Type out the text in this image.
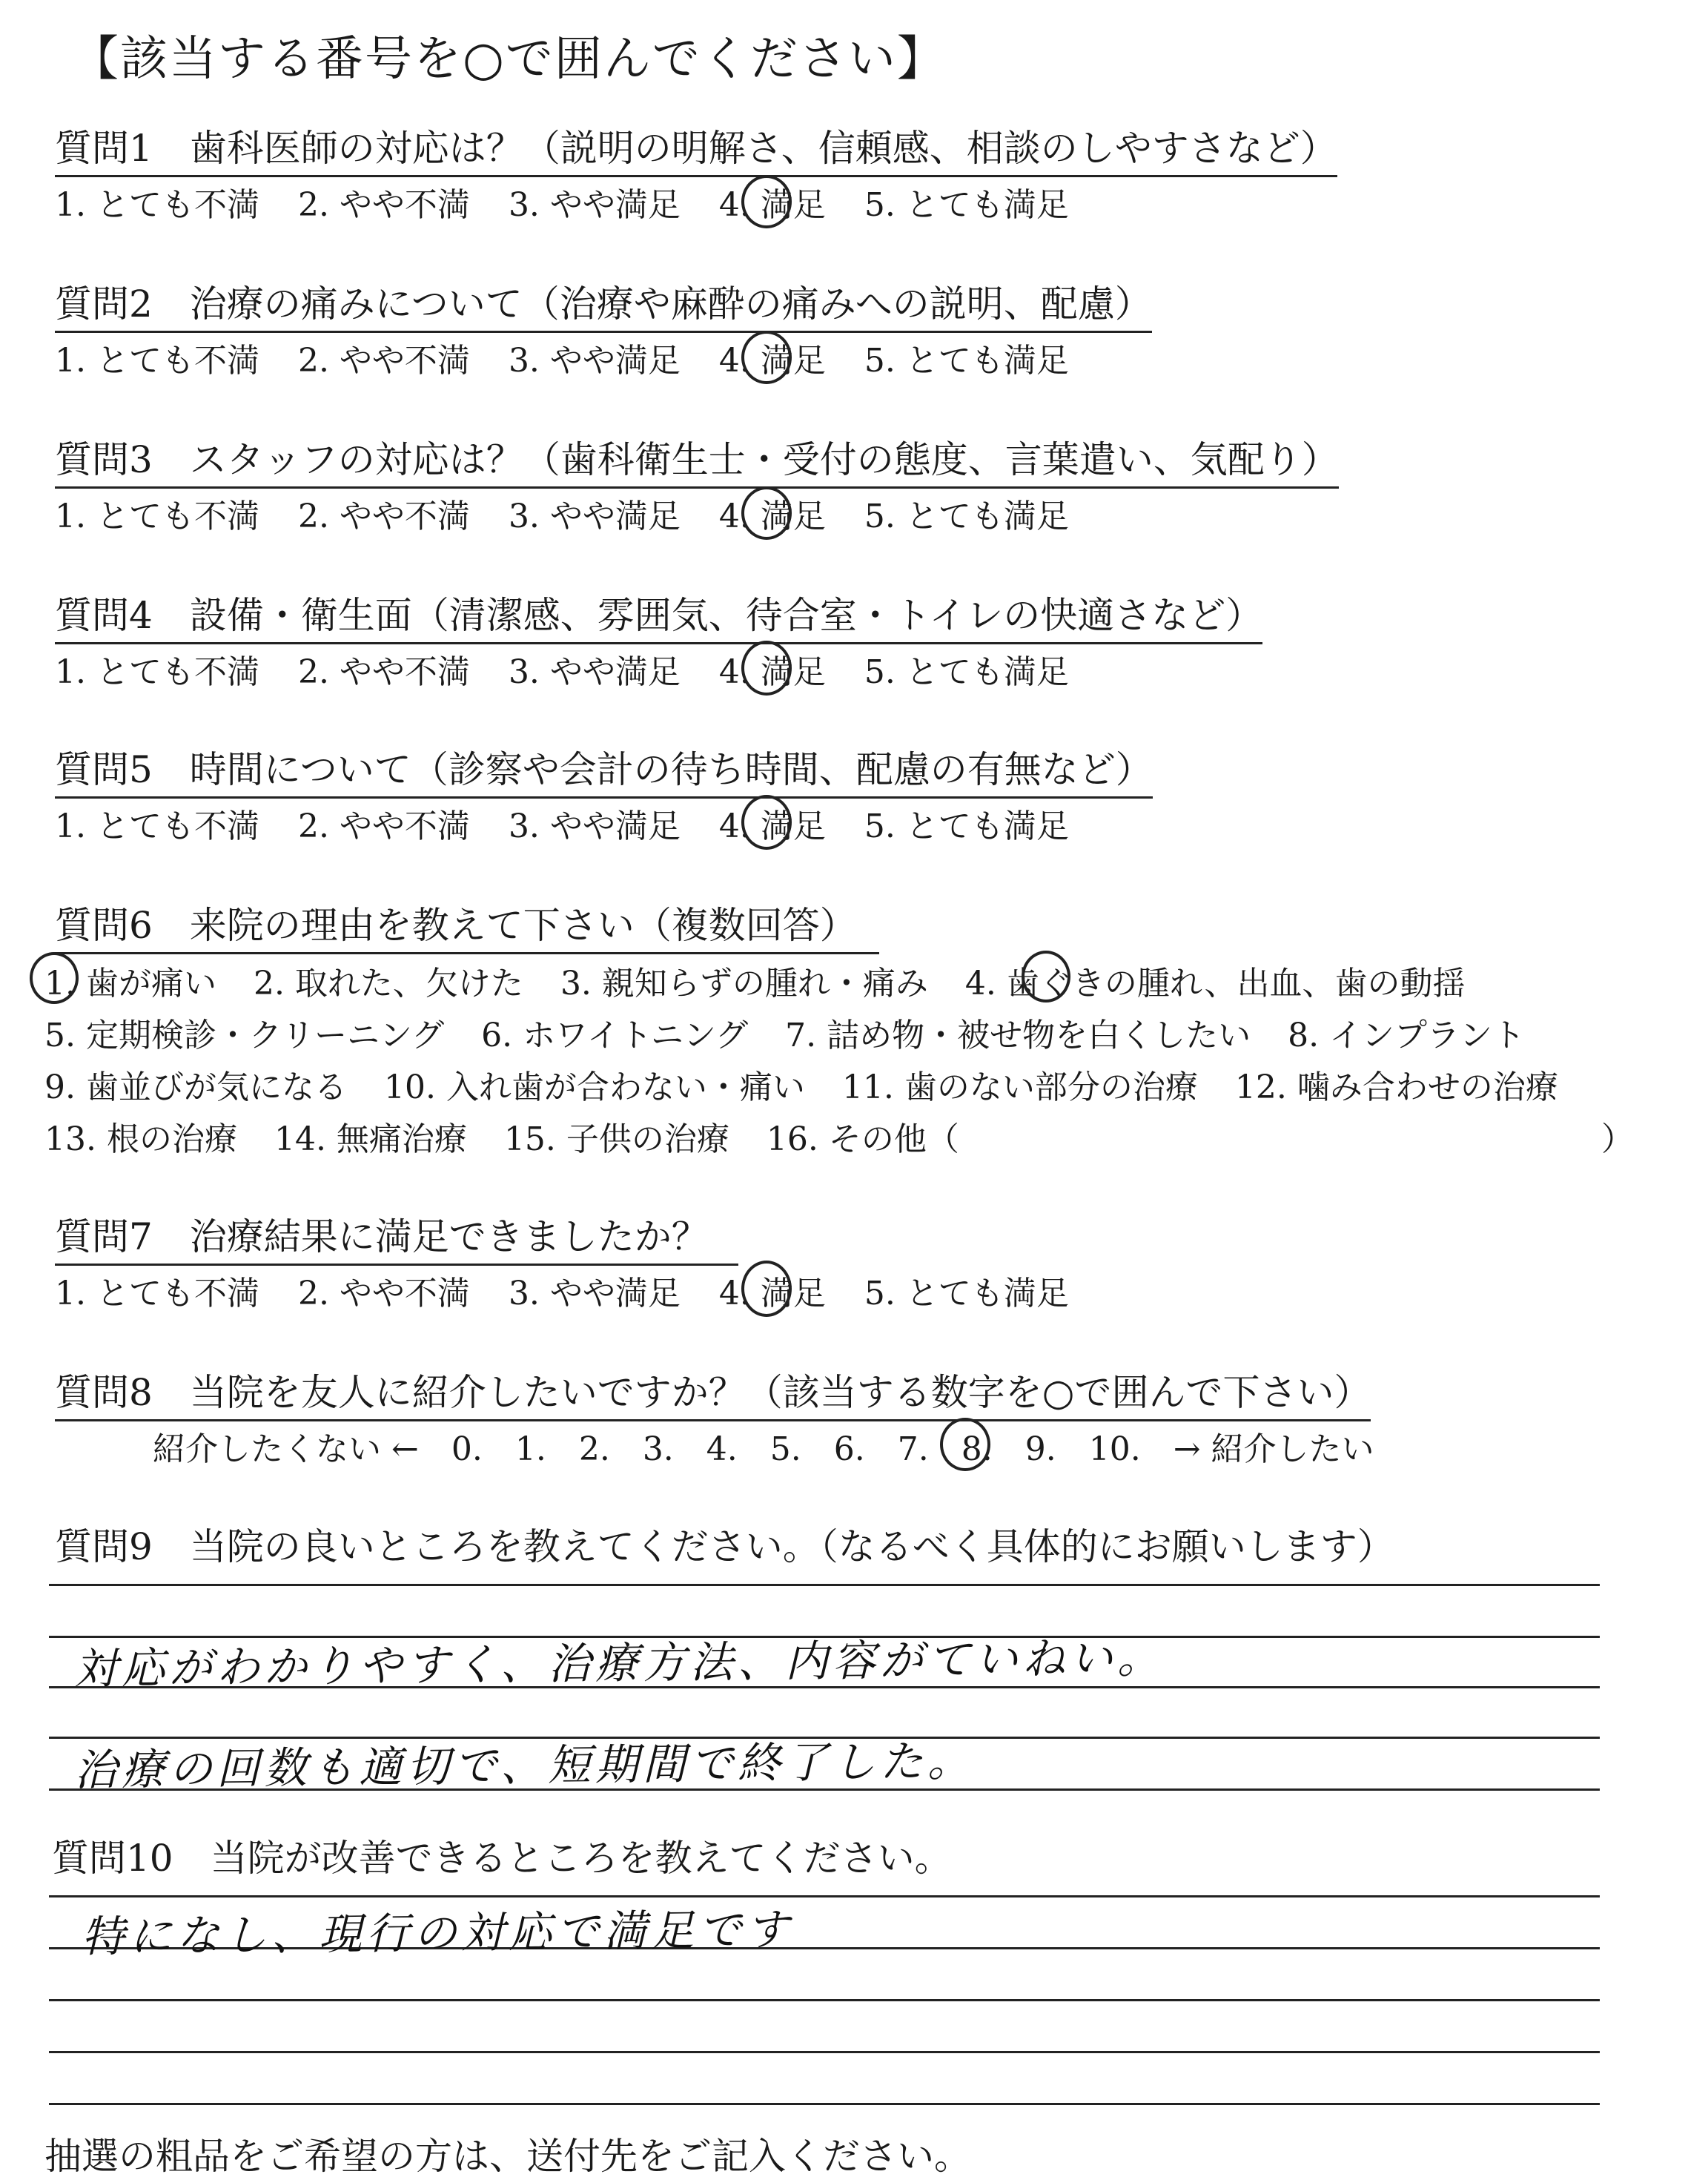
【該当する番号を○で囲んでください】
質問1　歯科医師の対応は？（説明の明解さ、信頼感、相談のしやすさなど）
1. とても不満 2. やや不満 3. やや満足 4. 満足 5. とても満足
質問2　治療の痛みについて（治療や麻酔の痛みへの説明、配慮）
1. とても不満 2. やや不満 3. やや満足 4. 満足 5. とても満足
質問3　スタッフの対応は？（歯科衛生士・受付の態度、言葉遣い、気配り）
1. とても不満 2. やや不満 3. やや満足 4. 満足 5. とても満足
質問4　設備・衛生面（清潔感、雰囲気、待合室・トイレの快適さなど）
1. とても不満 2. やや不満 3. やや満足 4. 満足 5. とても満足
質問5　時間について（診察や会計の待ち時間、配慮の有無など）
1. とても不満 2. やや不満 3. やや満足 4. 満足 5. とても満足
質問6　来院の理由を教えて下さい（複数回答）
1. 歯が痛い 2. 取れた、欠けた 3. 親知らずの腫れ・痛み 4. 歯ぐきの腫れ、出血、歯の動揺
5. 定期検診・クリーニング 6. ホワイトニング 7. 詰め物・被せ物を白くしたい 8. インプラント
9. 歯並びが気になる 10. 入れ歯が合わない・痛い 11. 歯のない部分の治療 12. 噛み合わせの治療
13. 根の治療 14. 無痛治療 15. 子供の治療 16. その他（	）
質問7　治療結果に満足できましたか？
1. とても不満 2. やや不満 3. やや満足 4. 満足 5. とても満足
質問8　当院を友人に紹介したいですか？（該当する数字を○で囲んで下さい）
紹介したくない ← 0. 1. 2. 3. 4. 5. 6. 7. 8. 9. 10. → 紹介したい
質問9　当院の良いところを教えてください。（なるべく具体的にお願いします）
対応がわかりやすく、治療方法、内容がていねい。
治療の回数も適切で、短期間で終了した。
質問10　当院が改善できるところを教えてください。
特になし、現行の対応で満足です
抽選の粗品をご希望の方は、送付先をご記入ください。
